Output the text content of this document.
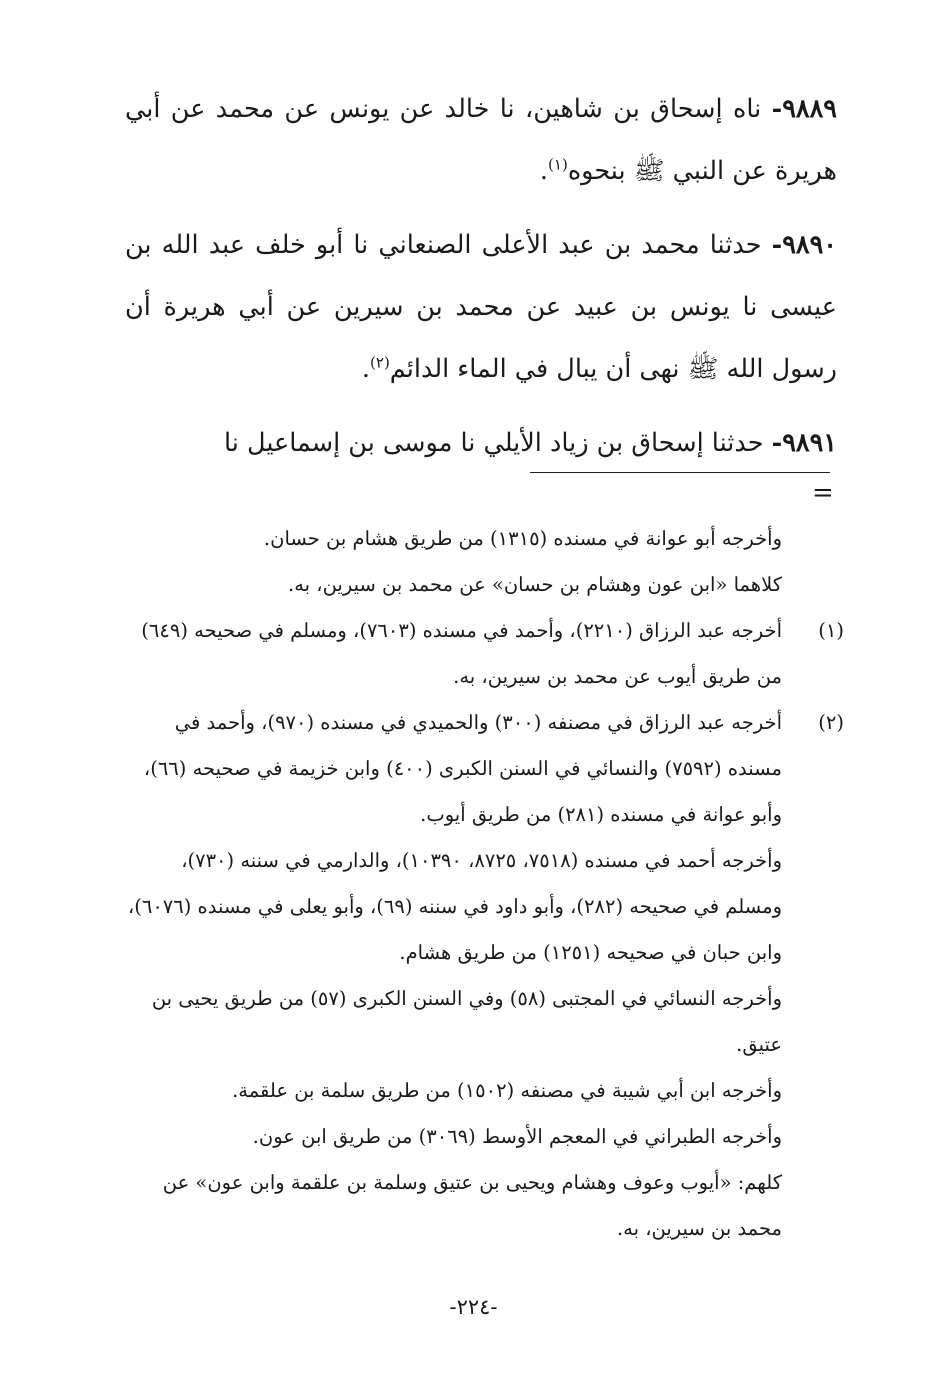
٩٨٨٩- ناه إسحاق بن شاهين، نا خالد عن يونس عن محمد عن أبي هريرة عن النبي ﷺ بنحوه$^{(١)}$.

٩٨٩٠- حدثنا محمد بن عبد الأعلى الصنعاني نا أبو خلف عبد الله بن عيسى نا يونس بن عبيد عن محمد بن سيرين عن أبي هريرة أن رسول الله ﷺ نهى أن يبال في الماء الدائم$^{(٢)}$.

٩٨٩١- حدثنا إسحاق بن زياد الأيلي نا موسى بن إسماعيل نا

=

وأخرجه أبو عوانة في مسنده (١٣١٥) من طريق هشام بن حسان.

كلاهما «ابن عون وهشام بن حسان» عن محمد بن سيرين، به.

(١)
أخرجه عبد الرزاق (٢٢١٠)، وأحمد في مسنده (٧٦٠٣)، ومسلم في صحيحه (٦٤٩) من طريق أيوب عن محمد بن سيرين، به.
(٢)
أخرجه عبد الرزاق في مصنفه (٣٠٠) والحميدي في مسنده (٩٧٠)، وأحمد في مسنده (٧٥٩٢) والنسائي في السنن الكبرى (٤٠٠) وابن خزيمة في صحيحه (٦٦)، وأبو عوانة في مسنده (٢٨١) من طريق أيوب.

وأخرجه أحمد في مسنده (٧٥١٨، ٨٧٢٥، ١٠٣٩٠)، والدارمي في سننه (٧٣٠)، ومسلم في صحيحه (٢٨٢)، وأبو داود في سننه (٦٩)، وأبو يعلى في مسنده (٦٠٧٦)، وابن حبان في صحيحه (١٢٥١) من طريق هشام.

وأخرجه النسائي في المجتبى (٥٨) وفي السنن الكبرى (٥٧) من طريق يحيى بن عتيق.

وأخرجه ابن أبي شيبة في مصنفه (١٥٠٢) من طريق سلمة بن علقمة.

وأخرجه الطبراني في المعجم الأوسط (٣٠٦٩) من طريق ابن عون.

كلهم: «أيوب وعوف وهشام ويحيى بن عتيق وسلمة بن علقمة وابن عون» عن محمد بن سيرين، به.

-٢٢٤-
